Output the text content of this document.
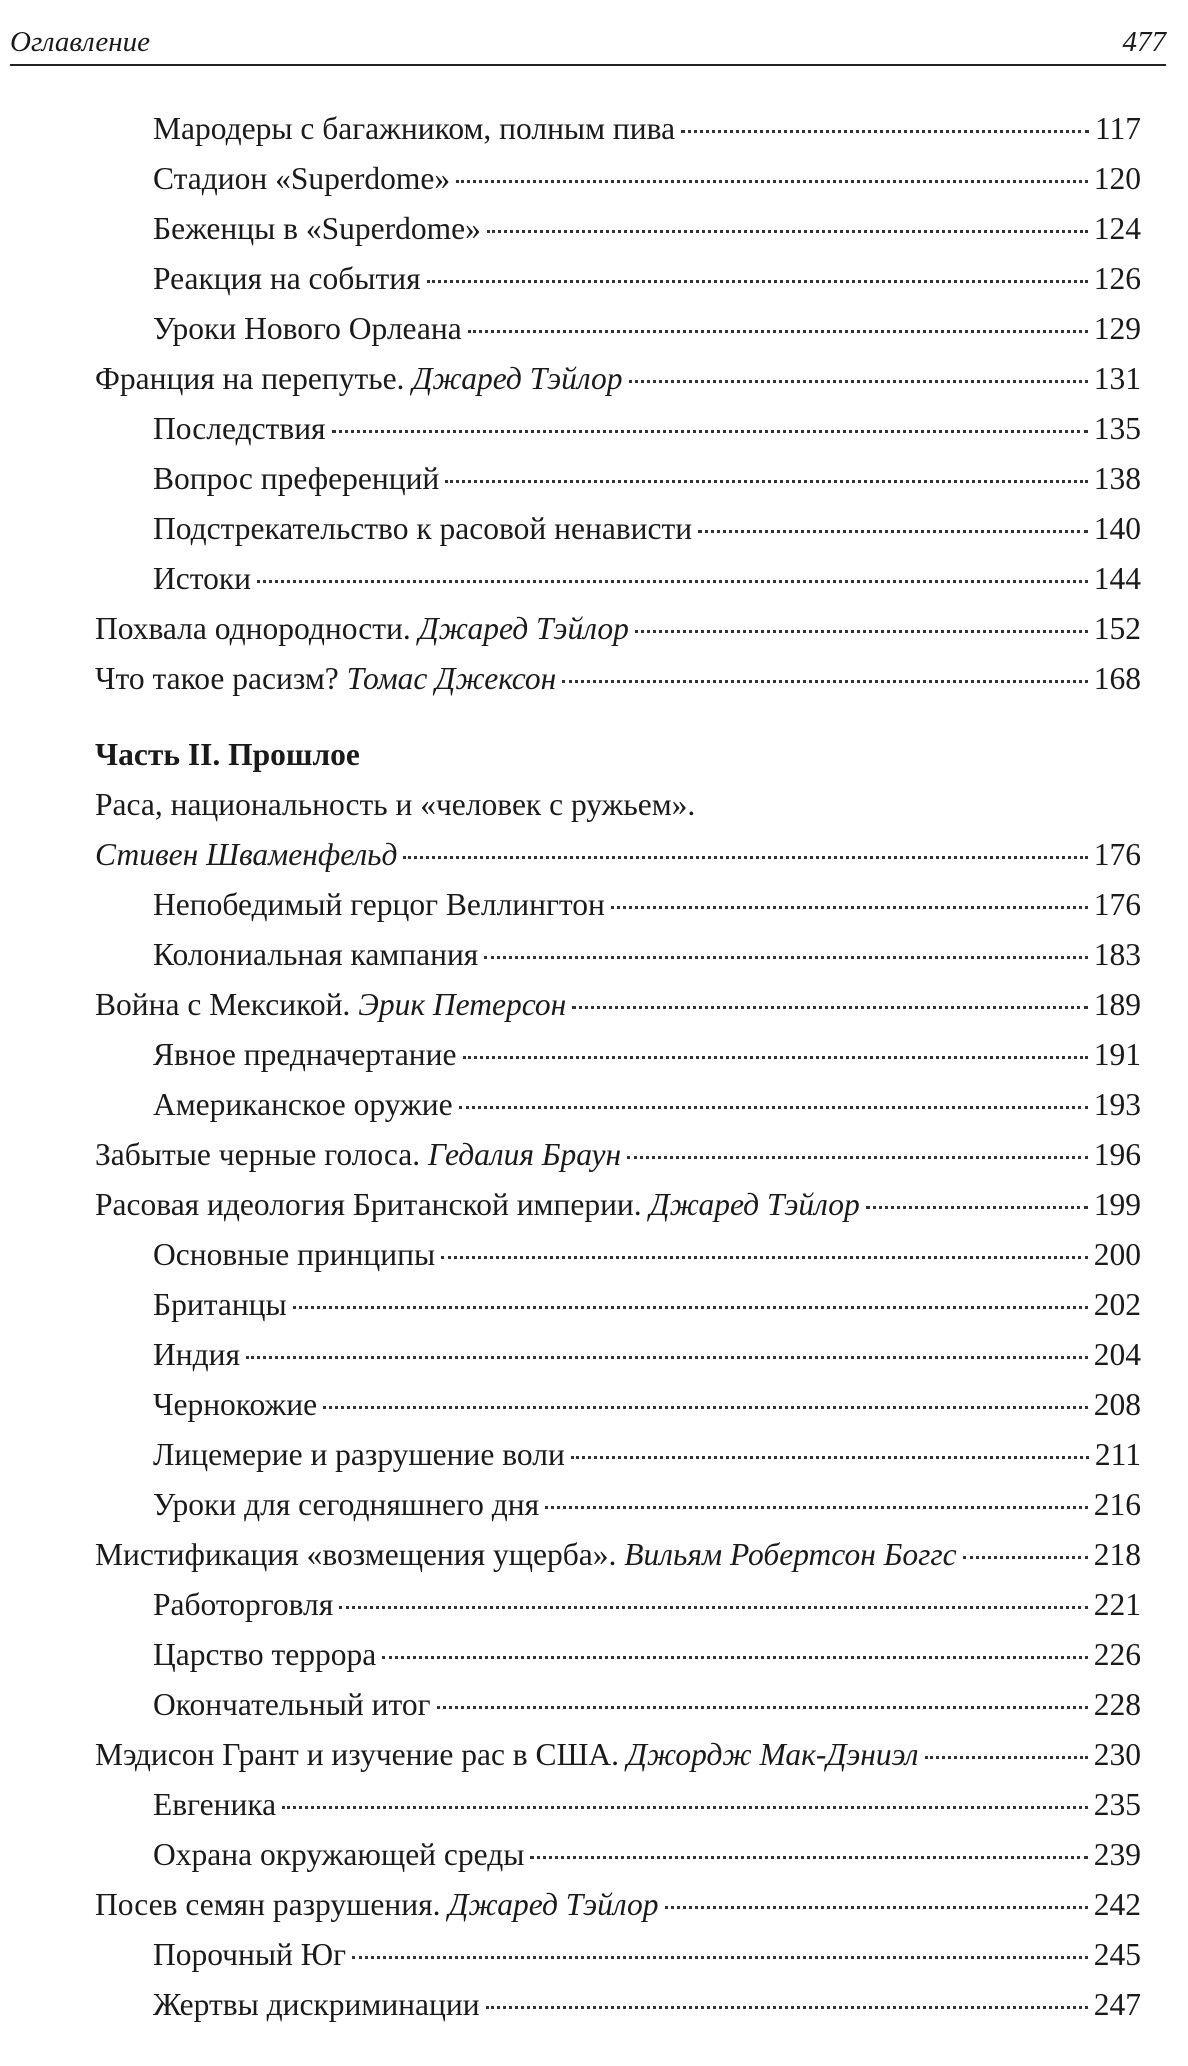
Оглавление	477
Мародеры с багажником, полным пива	117
Стадион «Superdome»	120
Беженцы в «Superdome»	124
Реакция на события	126
Уроки Нового Орлеана	129
Франция на перепутье. Джаред Тэйлор	131
Последствия	135
Вопрос преференций	138
Подстрекательство к расовой ненависти	140
Истоки	144
Похвала однородности. Джаред Тэйлор	152
Что такое расизм? Томас Джексон	168
Часть II. Прошлое
Раса, национальность и «человек с ружьем».
Стивен Шваменфельд	176
Непобедимый герцог Веллингтон	176
Колониальная кампания	183
Война с Мексикой. Эрик Петерсон	189
Явное предначертание	191
Американское оружие	193
Забытые черные голоса. Гедалия Браун	196
Расовая идеология Британской империи. Джаред Тэйлор	199
Основные принципы	200
Британцы	202
Индия	204
Чернокожие	208
Лицемерие и разрушение воли	211
Уроки для сегодняшнего дня	216
Мистификация «возмещения ущерба». Вильям Робертсон Боггс	218
Работорговля	221
Царство террора	226
Окончательный итог	228
Мэдисон Грант и изучение рас в США. Джордж Мак-Дэниэл	230
Евгеника	235
Охрана окружающей среды	239
Посев семян разрушения. Джаред Тэйлор	242
Порочный Юг	245
Жертвы дискриминации	247
